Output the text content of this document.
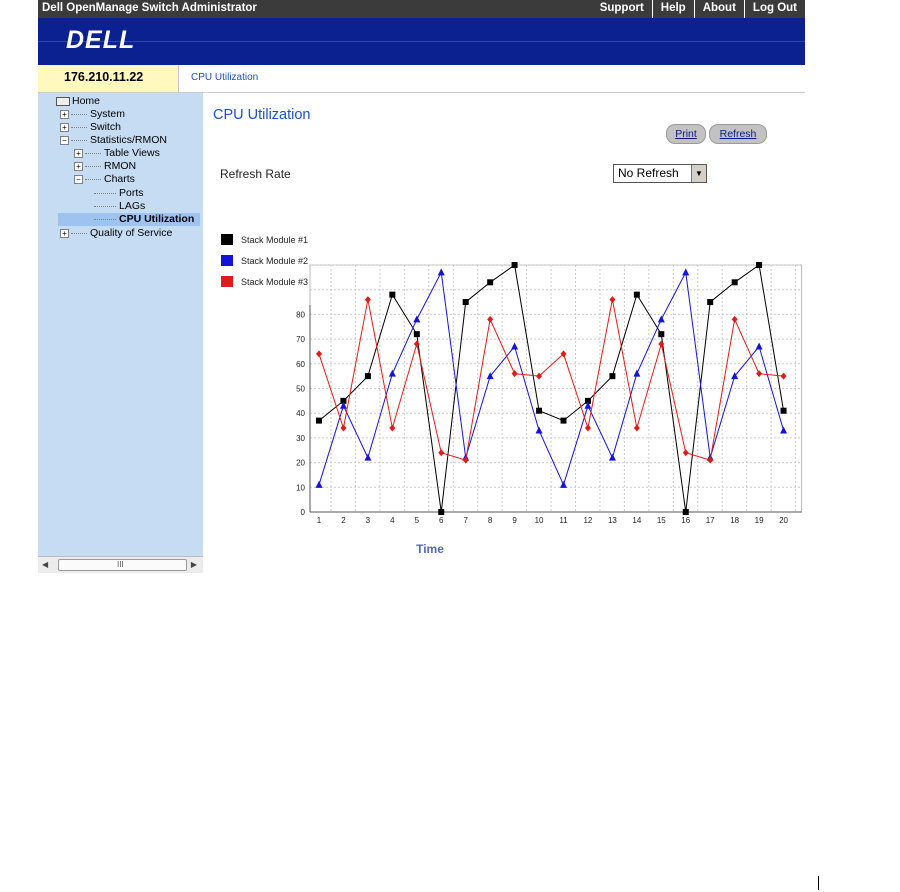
Dell OpenManage Switch Administrator	Support	Help	About	Log Out
DELL
176.210.11.22	CPU Utilization
Home
+ System
+ Switch
− Statistics/RMON
+ Table Views
+ RMON
− Charts
Ports
LAGs
CPU Utilization
+ Quality of Service
◀	III	▶
CPU Utilization
Print	Refresh
Refresh Rate	No Refresh	▼
Stack Module #1
Stack Module #2
Stack Module #3
0
10
20
30
40
50
60
70
80
1 2 3 4 5 6 7 8 9 10 11 12 13 14 15 16 17 18 19 20
Time
